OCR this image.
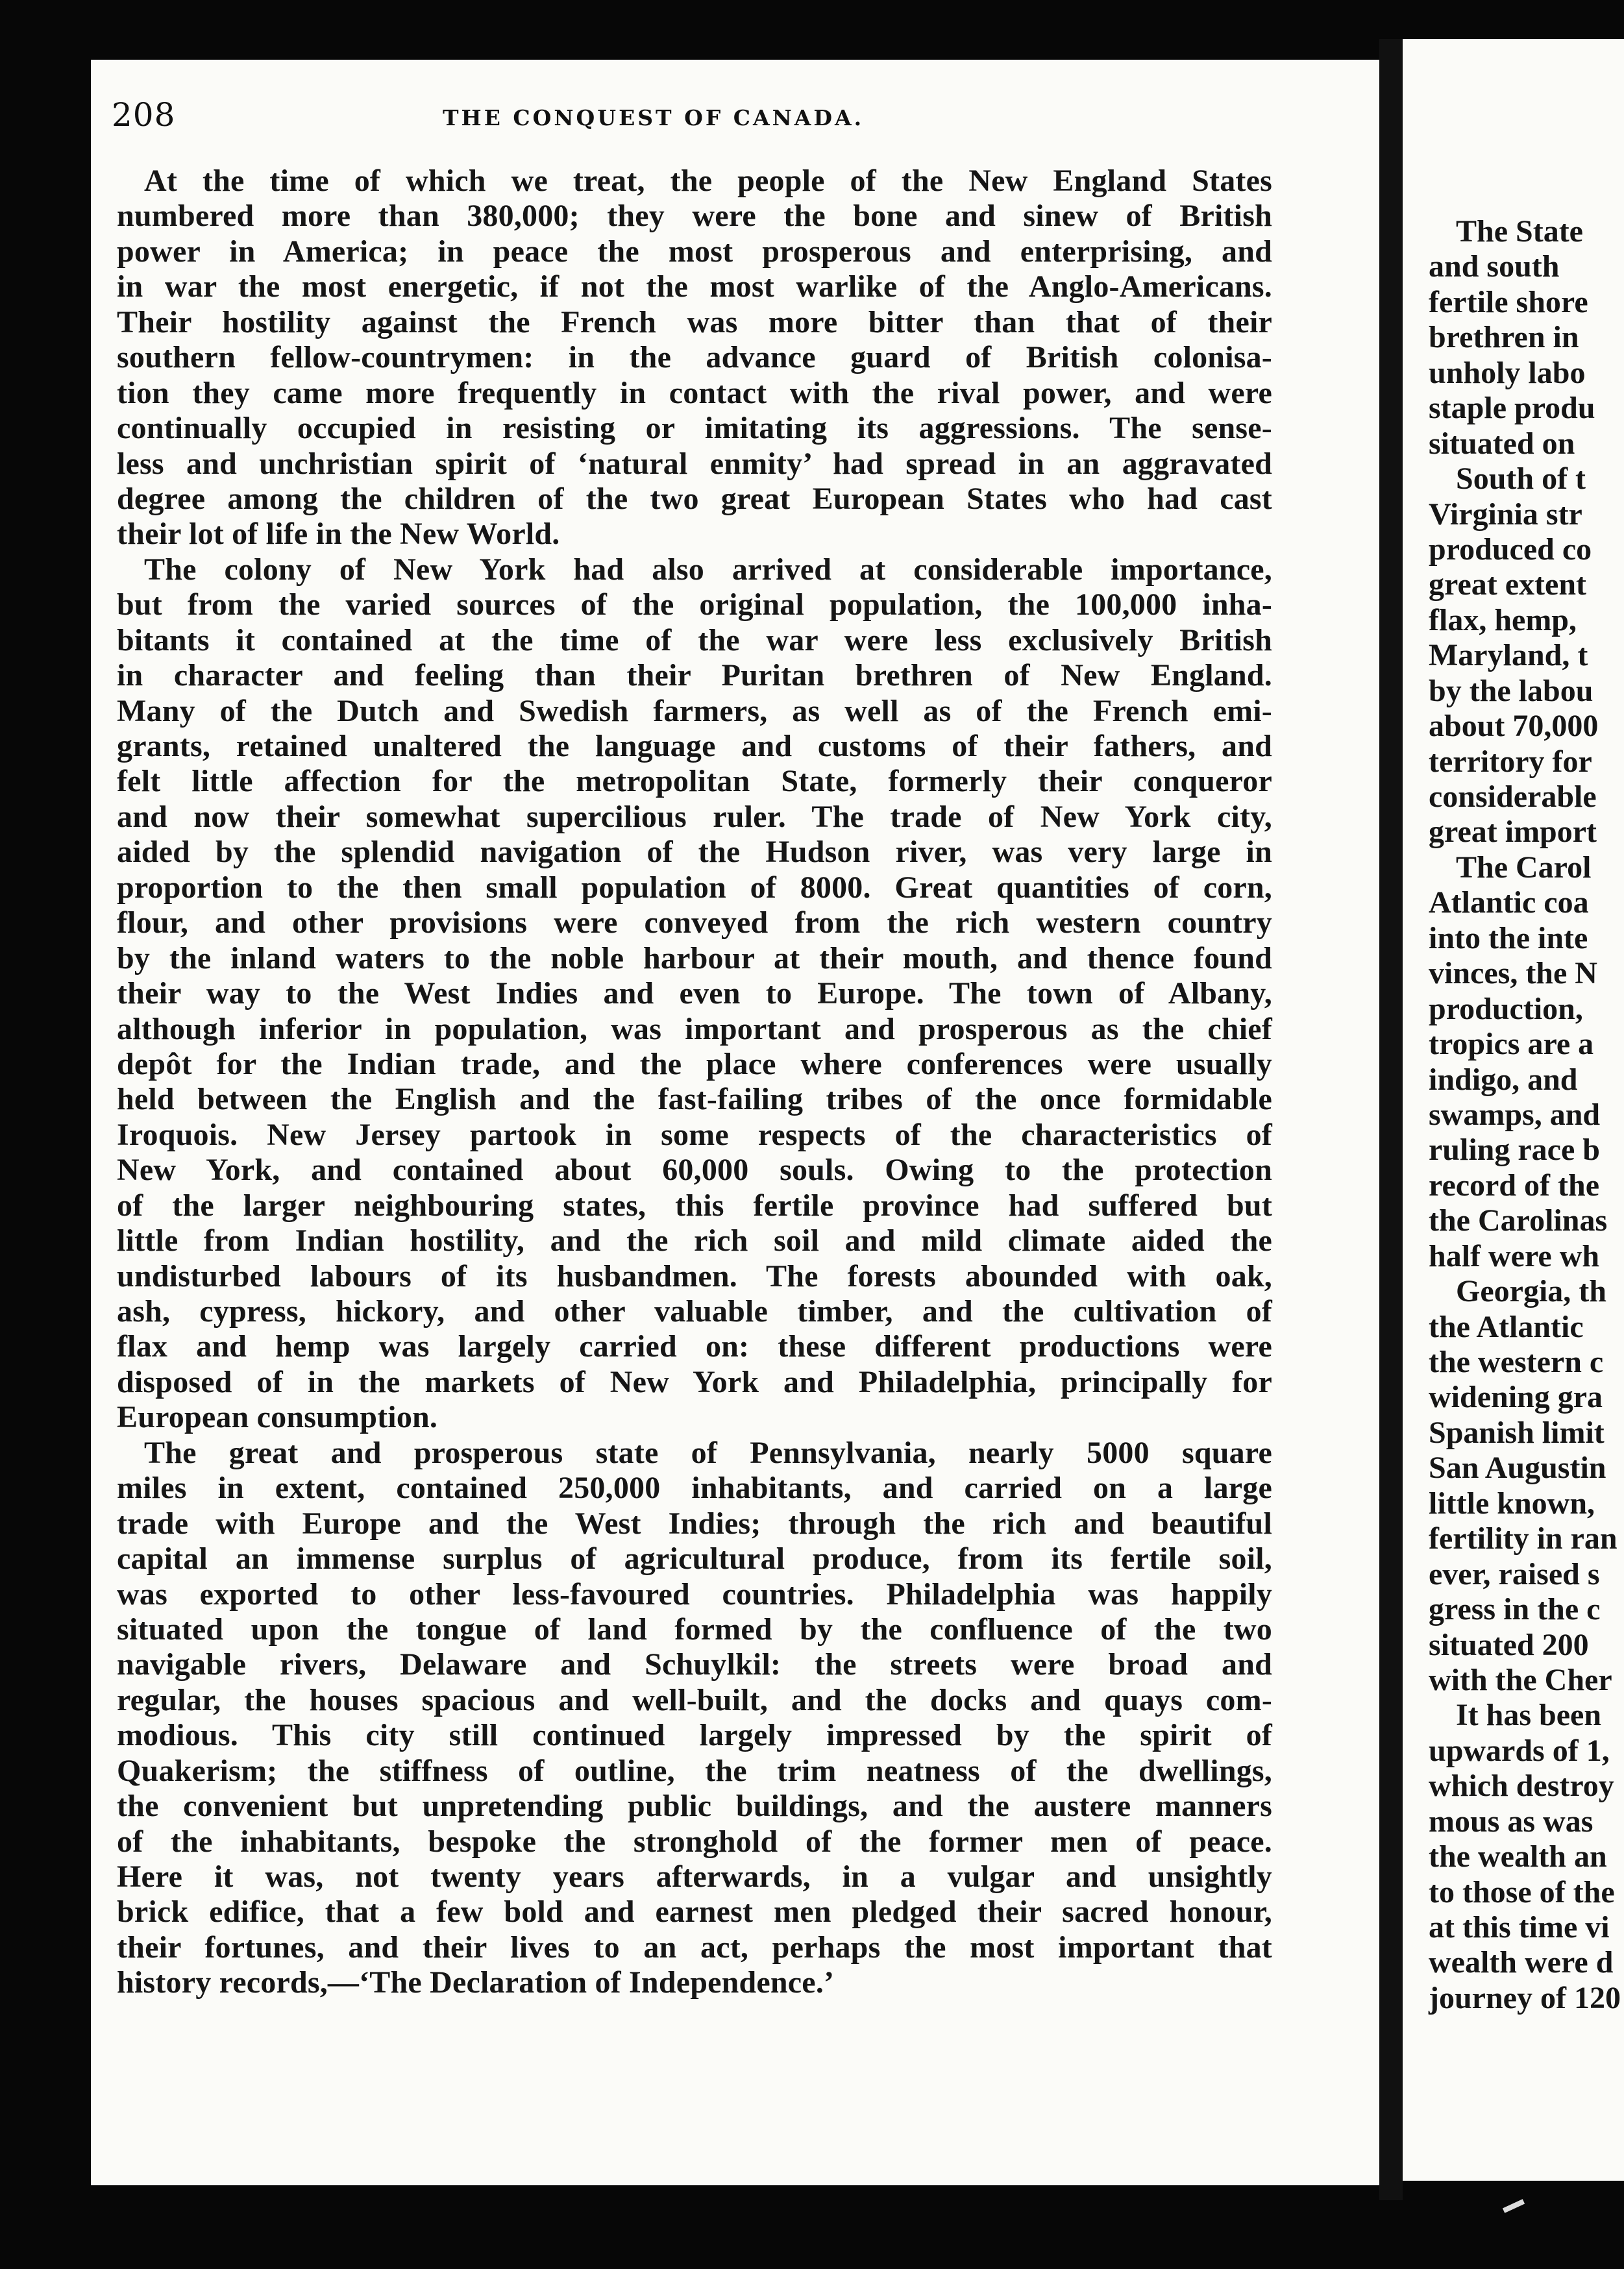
The State
and south
fertile shore
brethren in
unholy labo
staple produ
situated on
South of t
Virginia str
produced co
great extent
flax, hemp,
Maryland, t
by the labou
about 70,000
territory for
considerable
great import
The Carol
Atlantic coa
into the inte
vinces, the N
production,
tropics are a
indigo, and
swamps, and
ruling race b
record of the
the Carolinas
half were wh
Georgia, th
the Atlantic
the western c
widening gra
Spanish limit
San Augustin
little known,
fertility in ran
ever, raised s
gress in the c
situated 200
with the Cher
It has been
upwards of 1,
which destroy
mous as was
the wealth an
to those of the
at this time vi
wealth were d
journey of 120
208	THE CONQUEST OF CANADA.
At the time of which we treat, the people of the New England States
numbered more than 380,000; they were the bone and sinew of British
power in America; in peace the most prosperous and enterprising, and
in war the most energetic, if not the most warlike of the Anglo-Americans.
Their hostility against the French was more bitter than that of their
southern fellow-countrymen: in the advance guard of British colonisa-
tion they came more frequently in contact with the rival power, and were
continually occupied in resisting or imitating its aggressions. The sense-
less and unchristian spirit of ‘natural enmity’ had spread in an aggravated
degree among the children of the two great European States who had cast
their lot of life in the New World.
The colony of New York had also arrived at considerable importance,
but from the varied sources of the original population, the 100,000 inha-
bitants it contained at the time of the war were less exclusively British
in character and feeling than their Puritan brethren of New England.
Many of the Dutch and Swedish farmers, as well as of the French emi-
grants, retained unaltered the language and customs of their fathers, and
felt little affection for the metropolitan State, formerly their conqueror
and now their somewhat supercilious ruler. The trade of New York city,
aided by the splendid navigation of the Hudson river, was very large in
proportion to the then small population of 8000. Great quantities of corn,
flour, and other provisions were conveyed from the rich western country
by the inland waters to the noble harbour at their mouth, and thence found
their way to the West Indies and even to Europe. The town of Albany,
although inferior in population, was important and prosperous as the chief
depôt for the Indian trade, and the place where conferences were usually
held between the English and the fast-failing tribes of the once formidable
Iroquois. New Jersey partook in some respects of the characteristics of
New York, and contained about 60,000 souls. Owing to the protection
of the larger neighbouring states, this fertile province had suffered but
little from Indian hostility, and the rich soil and mild climate aided the
undisturbed labours of its husbandmen. The forests abounded with oak,
ash, cypress, hickory, and other valuable timber, and the cultivation of
flax and hemp was largely carried on: these different productions were
disposed of in the markets of New York and Philadelphia, principally for
European consumption.
The great and prosperous state of Pennsylvania, nearly 5000 square
miles in extent, contained 250,000 inhabitants, and carried on a large
trade with Europe and the West Indies; through the rich and beautiful
capital an immense surplus of agricultural produce, from its fertile soil,
was exported to other less-favoured countries. Philadelphia was happily
situated upon the tongue of land formed by the confluence of the two
navigable rivers, Delaware and Schuylkil: the streets were broad and
regular, the houses spacious and well-built, and the docks and quays com-
modious. This city still continued largely impressed by the spirit of
Quakerism; the stiffness of outline, the trim neatness of the dwellings,
the convenient but unpretending public buildings, and the austere manners
of the inhabitants, bespoke the stronghold of the former men of peace.
Here it was, not twenty years afterwards, in a vulgar and unsightly
brick edifice, that a few bold and earnest men pledged their sacred honour,
their fortunes, and their lives to an act, perhaps the most important that
history records,—‘The Declaration of Independence.’
